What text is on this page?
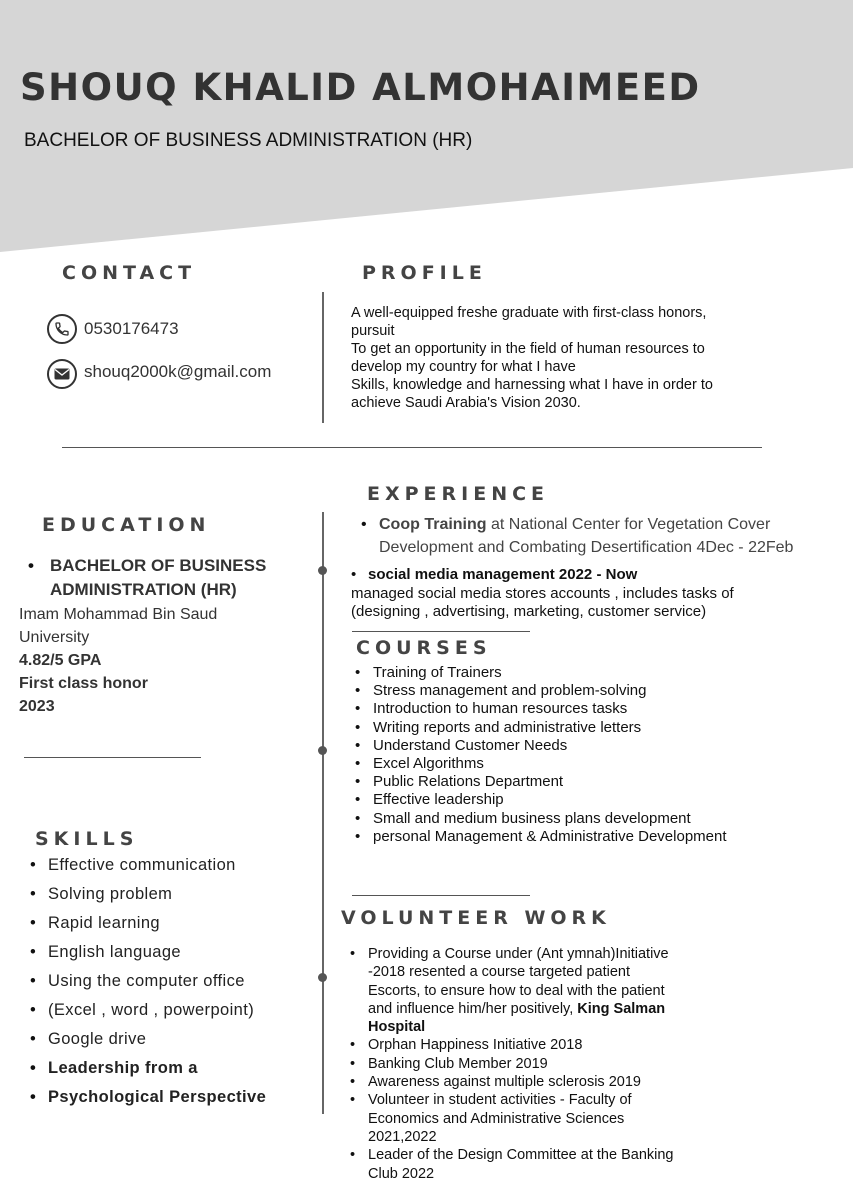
SHOUQ KHALID ALMOHAIMEED
BACHELOR OF BUSINESS ADMINISTRATION (HR)
CONTACT
0530176473
shouq2000k@gmail.com
PROFILE
A well-equipped freshe graduate with first-class honors,
pursuit
To get an opportunity in the field of human resources to
develop my country for what I have
Skills, knowledge and harnessing what I have in order to
achieve Saudi Arabia's Vision 2030.
EDUCATION
• BACHELOR OF BUSINESS
ADMINISTRATION (HR)
Imam Mohammad Bin Saud
University
4.82/5 GPA
First class honor
2023
SKILLS
• Effective communication
• Solving problem
• Rapid learning
• English language
• Using the computer office
• (Excel , word , powerpoint)
• Google drive
• Leadership from a
• Psychological Perspective
EXPERIENCE
• Coop Training at National Center for Vegetation Cover
Development and Combating Desertification 4Dec - 22Feb
• social media management 2022 - Now
managed social media stores accounts , includes tasks of
(designing , advertising, marketing, customer service)
COURSES
• Training of Trainers
• Stress management and problem-solving
• Introduction to human resources tasks
• Writing reports and administrative letters
• Understand Customer Needs
• Excel Algorithms
• Public Relations Department
• Effective leadership
• Small and medium business plans development
• personal Management & Administrative Development
VOLUNTEER WORK
• Providing a Course under (Ant ymnah)Initiative
-2018 resented a course targeted patient
Escorts, to ensure how to deal with the patient
and influence him/her positively, King Salman
Hospital
• Orphan Happiness Initiative 2018
• Banking Club Member 2019
• Awareness against multiple sclerosis 2019
• Volunteer in student activities - Faculty of
Economics and Administrative Sciences
2021,2022
• Leader of the Design Committee at the Banking
Club 2022
